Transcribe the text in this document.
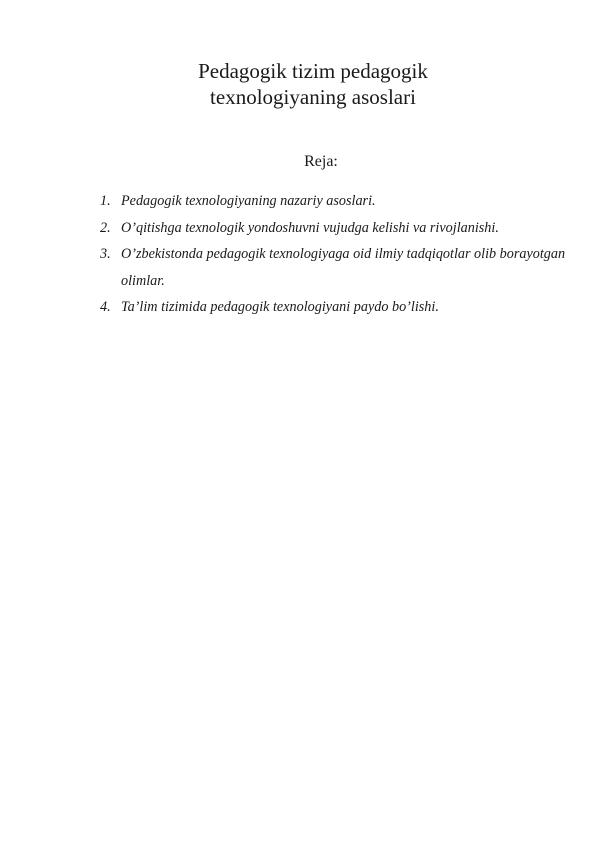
Pedagogik tizim pedagogik
texnologiyaning asoslari
Reja:
1. Pedagogik texnologiyaning nazariy asoslari.
2. O’qitishga texnologik yondoshuvni vujudga kelishi va rivojlanishi.
3. O’zbekistonda pedagogik texnologiyaga oid ilmiy tadqiqotlar olib borayotgan olimlar.
4. Ta’lim tizimida pedagogik texnologiyani paydo bo’lishi.
